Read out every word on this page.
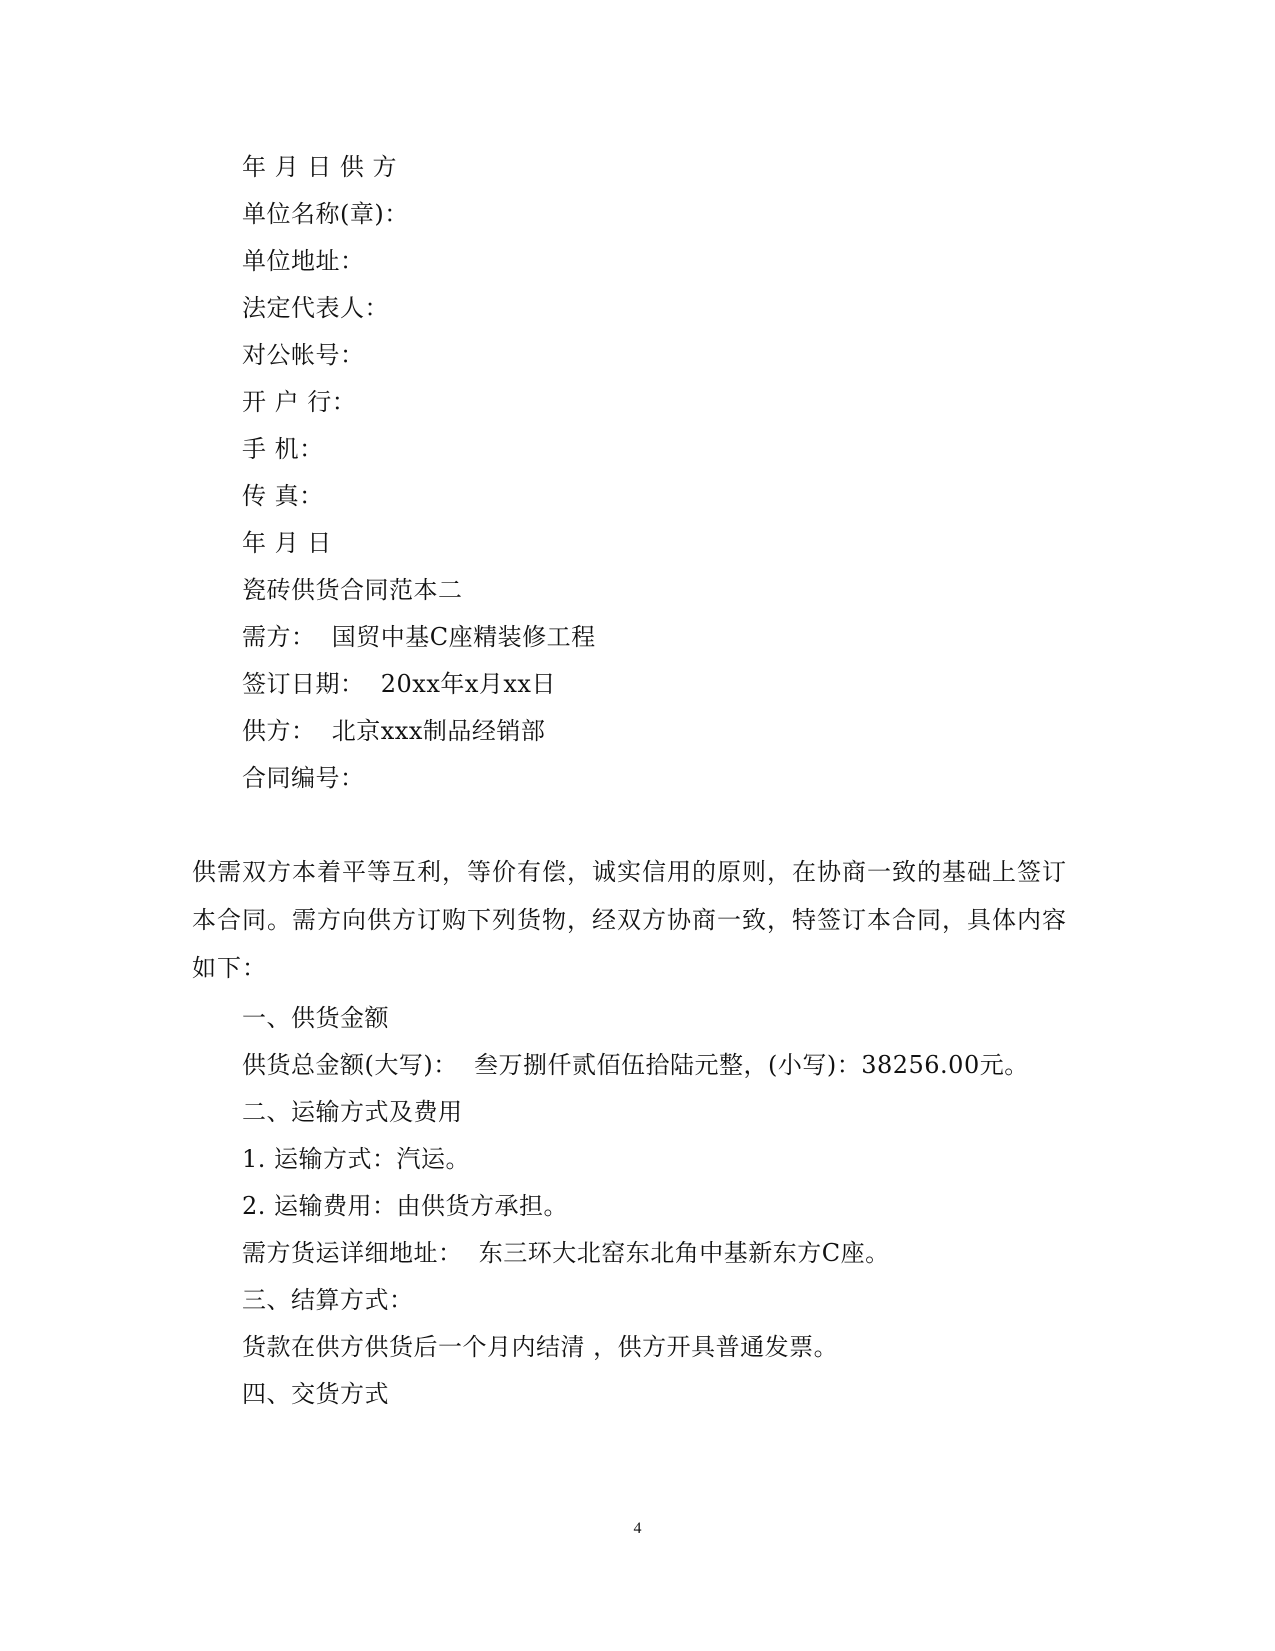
年 月 日 供 方
单位名称(章)：
单位地址：
法定代表人：
对公帐号：
开 户 行：
手 机：
传 真：
年 月 日
瓷砖供货合同范本二
需方：  国贸中基C座精装修工程
签订日期：  20xx年x月xx日
供方：  北京xxx制品经销部
合同编号：
供需双方本着平等互利，等价有偿，诚实信用的原则，在协商一致的基础上签订本合同。需方向供方订购下列货物，经双方协商一致，特签订本合同，具体内容如下：
一、供货金额
供货总金额(大写)：  叁万捌仟贰佰伍拾陆元整，(小写)：38256.00元。
二、运输方式及费用
1. 运输方式：汽运。
2. 运输费用：由供货方承担。
需方货运详细地址：  东三环大北窑东北角中基新东方C座。
三、结算方式：
货款在供方供货后一个月内结清 ，供方开具普通发票。
四、交货方式
4
